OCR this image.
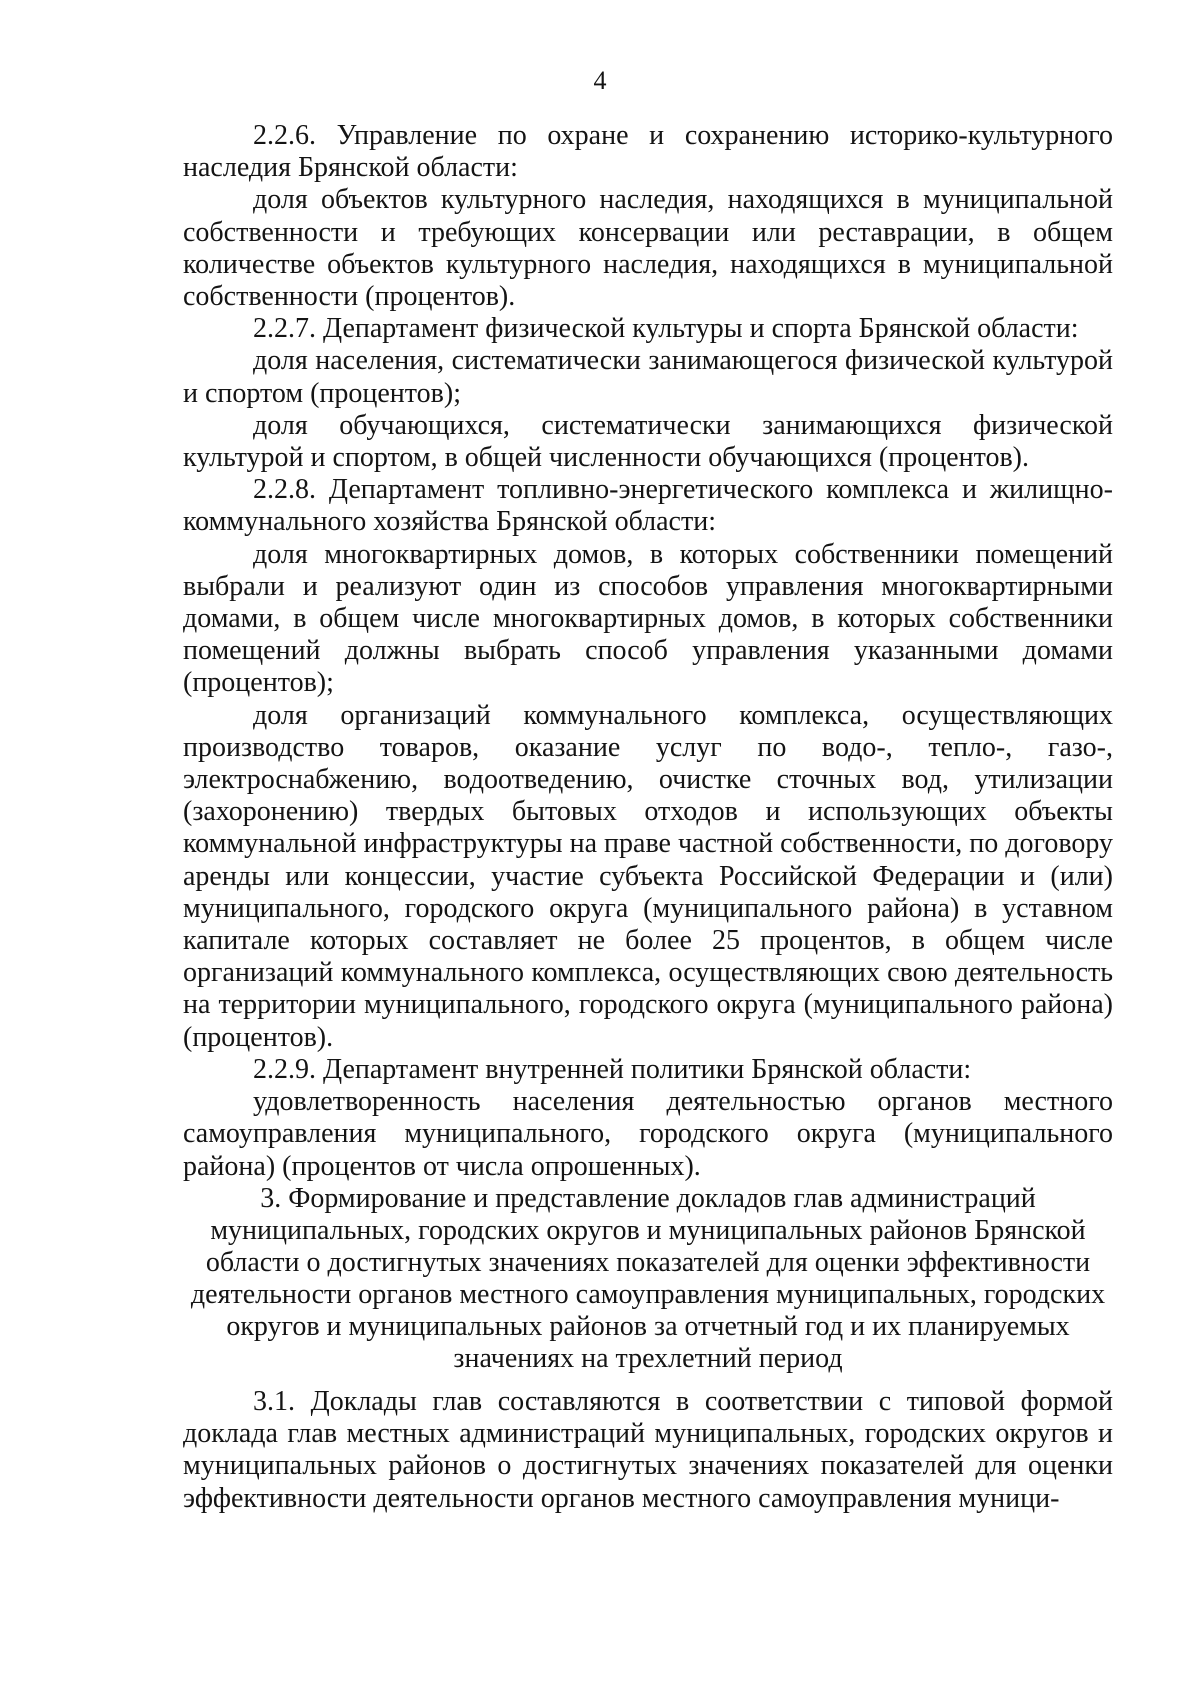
4

2.2.6. Управление по охране и сохранению историко-культурного наследия Брянской области:

доля объектов культурного наследия, находящихся в муниципальной собственности и требующих консервации или реставрации, в общем количестве объектов культурного наследия, находящихся в муниципальной собственности (процентов).

2.2.7. Департамент физической культуры и спорта Брянской области:

доля населения, систематически занимающегося физической культурой и спортом (процентов);

доля обучающихся, систематически занимающихся физической культурой и спортом, в общей численности обучающихся (процентов).

2.2.8. Департамент топливно-энергетического комплекса и жилищно-коммунального хозяйства Брянской области:

доля многоквартирных домов, в которых собственники помещений выбрали и реализуют один из способов управления многоквартирными домами, в общем числе многоквартирных домов, в которых собственники помещений должны выбрать способ управления указанными домами (процентов);

доля организаций коммунального комплекса, осуществляющих производство товаров, оказание услуг по водо-, тепло-, газо-, электроснабжению, водоотведению, очистке сточных вод, утилизации (захоронению) твердых бытовых отходов и использующих объекты коммунальной инфраструктуры на праве частной собственности, по договору аренды или концессии, участие субъекта Российской Федерации и (или) муниципального, городского округа (муниципального района) в уставном капитале которых составляет не более 25 процентов, в общем числе организаций коммунального комплекса, осуществляющих свою деятельность на территории муниципального, городского округа (муниципального района) (процентов).

2.2.9. Департамент внутренней политики Брянской области:

удовлетворенность населения деятельностью органов местного самоуправления муниципального, городского округа (муниципального района) (процентов от числа опрошенных).

3. Формирование и представление докладов глав администраций
муниципальных, городских округов и муниципальных районов Брянской
области о достигнутых значениях показателей для оценки эффективности
деятельности органов местного самоуправления муниципальных, городских
округов и муниципальных районов за отчетный год и их планируемых
значениях на трехлетний период

3.1. Доклады глав составляются в соответствии с типовой формой доклада глав местных администраций муниципальных, городских округов и муниципальных районов о достигнутых значениях показателей для оценки эффективности деятельности органов местного самоуправления муници-
